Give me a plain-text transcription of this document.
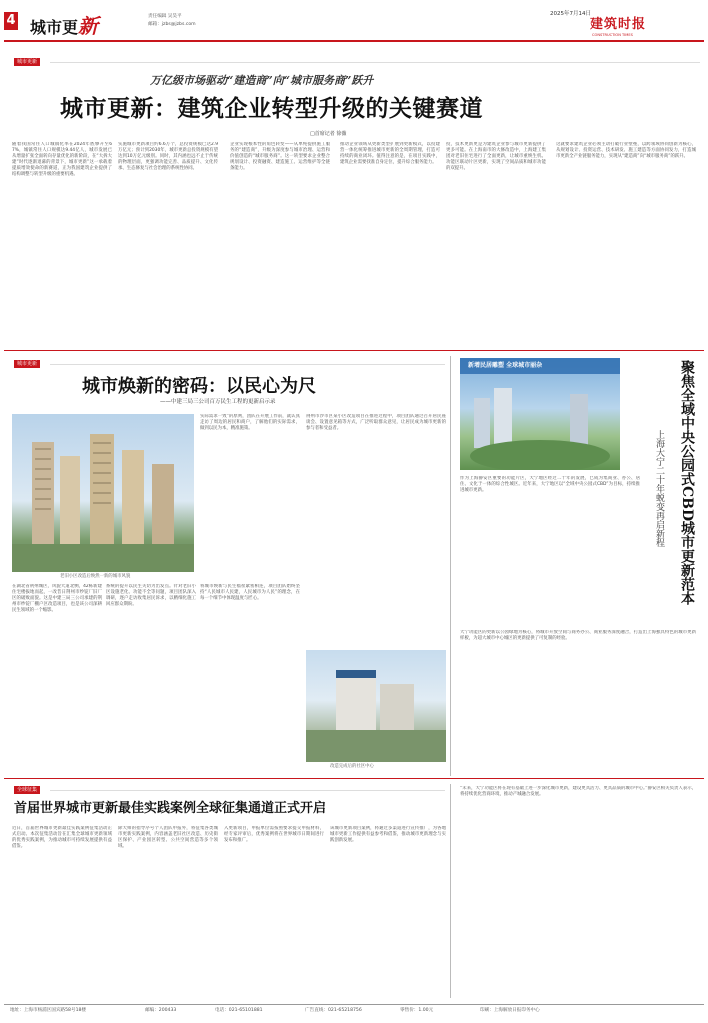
4 城市更新	责任编辑 吴昊平
邮箱：jzbs@jzbs.com
2025年7月14日
建筑时报
CONSTRUCTION TIMES
城市更新
万亿级市场驱动“建造商”向“城市服务商”跃升
城市更新：建筑企业转型升级的关键赛道
□首席记者 徐薇
随着我国常住人口城镇化率在2024年底攀升至67%，城镇常住人口规模达9.44亿人，城市发展已从增量扩张全面转向存量优化的新阶段，在“大拆大建”时代逐渐退幕的背景下，城市更新”这一承载着提质增效使命的新赛道，正为我国建筑企业提供了结构调整与转型升级的重要机遇。
实施城市更新项目约6.6万个，总投资规模已达2.9万亿元；预计到2030年，城市更新总投资规模有望达到10万亿元级别。同时，其内涵也远不止于传统的物理层面，更强调功能完善、品质提升、文化传承、生态修复与社会治理的系统性协同。
企业实现根本性的角色转变——从单纯提供施工服务的“建造商”，升级为深度参与城市治理、运营和价值创造的“城市服务商”。这一转型要求企业整合规划设计、投资融资、建造施工、运营维护等全链条能力。
推动企业领域从更新类型扩展到更新模式，以投建营一体化统筹推进城市更新的全周期管理，打造可持续的商业闭环。值得注意的是，在项目实践中，建筑企业需要找准自身定位，提升综合服务能力。
投，技术更新更是为建筑企业参与城市更新提供了更多可能。在上海南市的大修改造中，上海建工集团对老旧住宅进行了全面更新，让城市重焕生机。功能区联动片区更新，实现了空间品质和城市功能的双提升。
这就要求建筑企业必须主动打破行业壁垒，以跨领域协同创新为核心，从规划设计、投资运营、技术研发、施工建造等方面协同发力，打造城市更新全产业链服务能力，实现从“建造商”向“城市服务商”的跃升。
城市更新
城市焕新的密码：以民心为尺
——中建三局三公司百万民生工程的更新启示录
老旧小区改造后焕然一新的城市风貌
在湖北省荆州城区，风貌大道北侧，42栋新建住宅楼拔地而起，一改昔日荆州市纱锭厂旧厂区的破败面貌。这是中建三局三公司承建的荆州市纱锭厂棚户区改造项目，也是该公司深耕民生领域的一个缩影。
系统的提升以民生关切为出发点。针对老旧小区设施老化、功能不全等问题，项目团队深入调研，逐户走访收集居民诉求，以精细化施工回应群众期盼。
实际需求一致”的原则，团队在开展工作前，就认真走访了周边的居民和商户，了解他们的实际需求，做到以民为本，精准施策。
将城市焕新与民生福祉紧密相连，项目团队始终坚持“人民城市人民建，人民城市为人民”的理念，在每一个细节中体现温度与匠心。
荆州市沙市区某小区改造项目在推进过程中，项目团队通过召开居民座谈会、设置意见箱等方式，广泛听取群众意见，让居民成为城市更新的参与者和受益者。
改造完成后的社区中心
新增民居雕塑 全球城市丽杂	聚焦全域中央公园式CBD城市更新范本
上海大宁二十年蜕变再启新程
作为上海静安区重要的功能片区，大宁地区经过二十年的发展，已成为集商业、办公、居住、文化于一体的综合性城区。近年来，大宁地区以“全域中央公园式CBD”为目标，持续推进城市更新。
大宁功能区的更新以公园绿地为核心，将城市开放空间与商务办公、商业服务深度融合，打造出上海独具特色的城市更新样板，为超大城市中心城区的更新提供了可复制的经验。
全球征集
首届世界城市更新最佳实践案例全球征集通道正式开启
近日，首届世界城市更新最佳实践案例征集活动正式启动。本次征集活动旨在汇集全球城市更新领域的优秀实践案例，为推动城市可持续发展提供有益借鉴。
除大师的指导序号个人团队申报外，将征集各类城市更新实践案例，内容涵盖老旧社区改造、历史街区保护、产业园区转型、公共空间营造等多个领域。
入更新项目，申报单位需按照要求提交申报材料，经专家评审后，优秀案例将在世界城市日期间进行发布和推广。
该城市更新项目案例，将通过多渠道进行宣传推广，为各地城市更新工作提供有益参考和借鉴，推动城市更新理念与实践创新发展。
“未来，大宁功能区将在现有基础上进一步深化城市更新，建设更具活力、更具品质的城市中心。”静安区相关负责人表示，将持续优化营商环境，推动产城融合发展。
地址：上海市杨浦区国宾路58号18楼	邮编：200433	电话：021-65101881	广告直线：021-65218756	零售价：1.00元	印刷：上海解放日报印务中心
